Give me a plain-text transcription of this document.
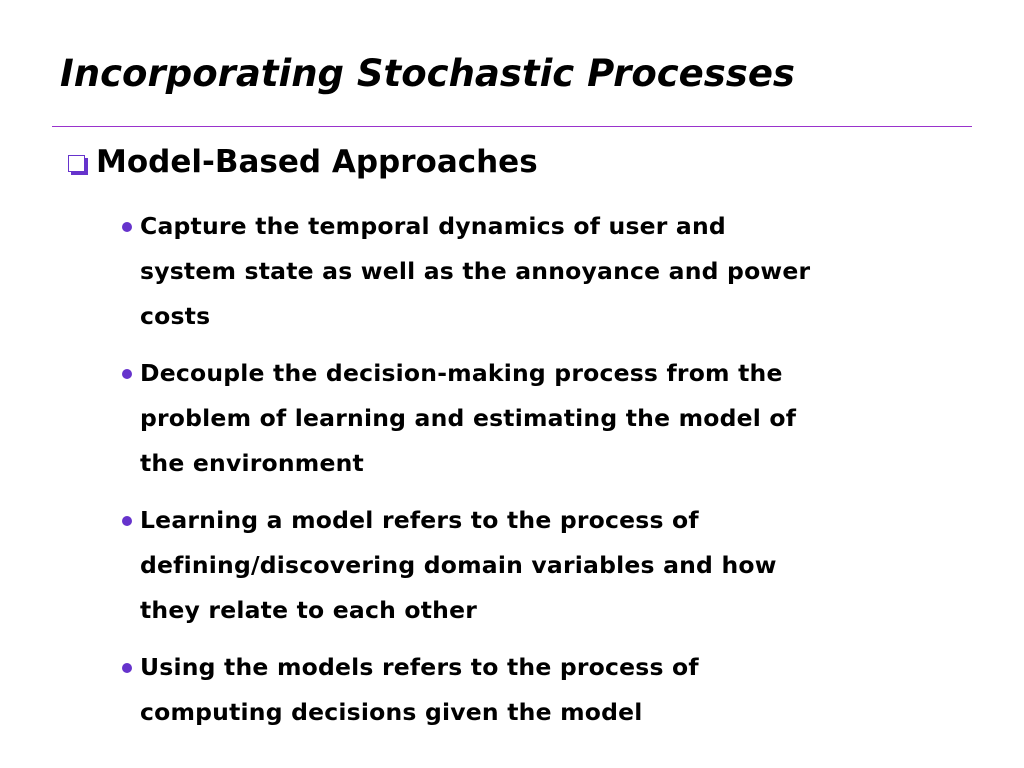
Incorporating Stochastic Processes
Model-Based Approaches
Capture the temporal dynamics of user and
system state as well as the annoyance and power
costs
Decouple the decision-making process from the
problem of learning and estimating the model of
the environment
Learning a model refers to the process of
defining/discovering domain variables and how
they relate to each other
Using the models refers to the process of
computing decisions given the model
